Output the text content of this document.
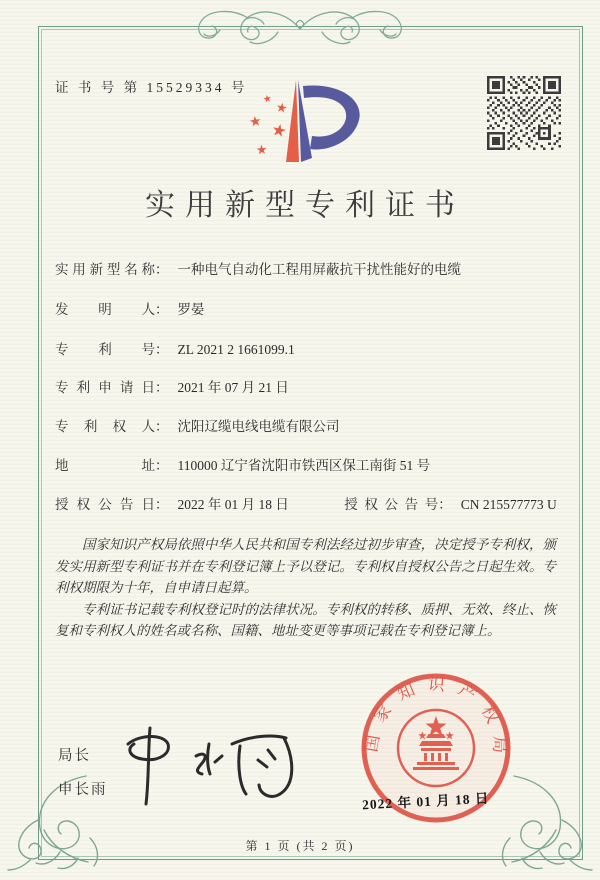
证 书 号 第 15529334 号
★
★
★ ★
★
实用新型专利证书
实用新型名称： 一种电气自动化工程用屏蔽抗干扰性能好的电缆
发明人： 罗晏
专利号： ZL 2021 2 1661099.1
专利申请日： 2021 年 07 月 21 日
专利权人： 沈阳辽缆电线电缆有限公司
地址： 110000 辽宁省沈阳市铁西区保工南街 51 号
授权公告日： 2022 年 01 月 18 日	授权公告号： CN 215577773 U

国家知识产权局依照中华人民共和国专利法经过初步审查，决定授予专利权，颁发实用新型专利证书并在专利登记簿上予以登记。专利权自授权公告之日起生效。专利权期限为十年，自申请日起算。

专利证书记载专利权登记时的法律状况。专利权的转移、质押、无效、终止、恢复和专利权人的姓名或名称、国籍、地址变更等事项记载在专利登记簿上。

局长
申长雨
国家知识产权局
2022 年 01 月 18 日
第 1 页 (共 2 页)
